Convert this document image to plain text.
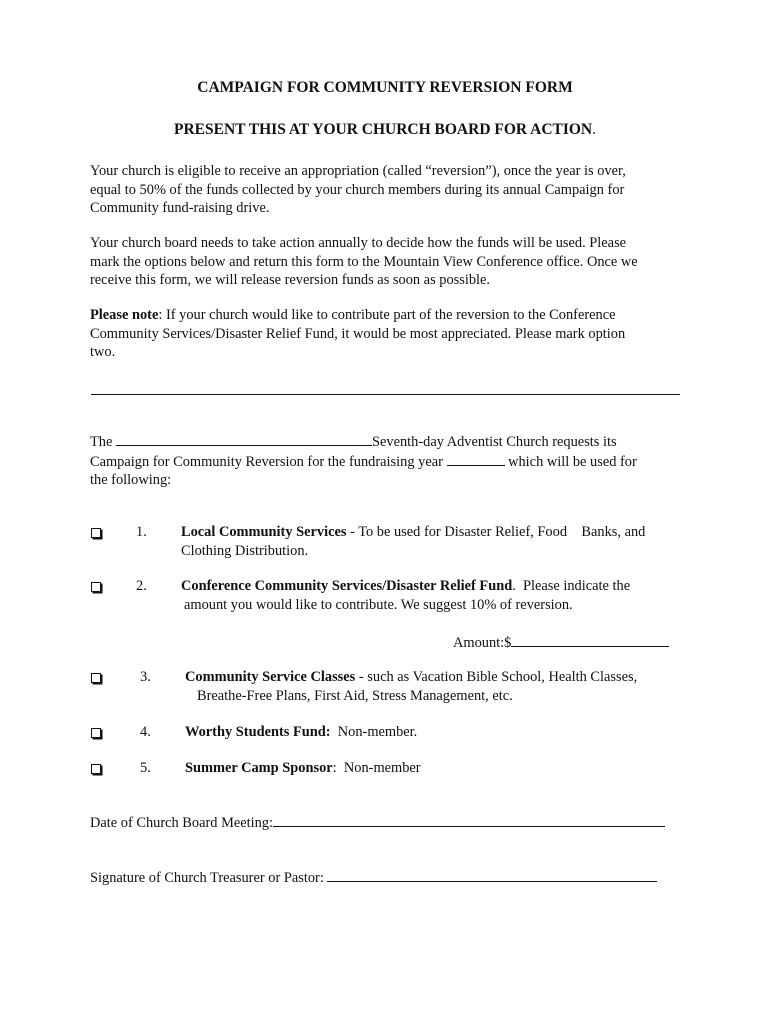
CAMPAIGN FOR COMMUNITY REVERSION FORM
PRESENT THIS AT YOUR CHURCH BOARD FOR ACTION.
Your church is eligible to receive an appropriation (called “reversion”), once the year is over,
equal to 50% of the funds collected by your church members during its annual Campaign for
Community fund-raising drive.
Your church board needs to take action annually to decide how the funds will be used. Please
mark the options below and return this form to the Mountain View Conference office. Once we
receive this form, we will release reversion funds as soon as possible.
Please note: If your church would like to contribute part of the reversion to the Conference
Community Services/Disaster Relief Fund, it would be most appreciated. Please mark option
two.
The	Seventh-day Adventist Church requests its
Campaign for Community Reversion for the fundraising year	which will be used for
the following:
1.	Local Community Services - To be used for Disaster Relief, Food    Banks, and
Clothing Distribution.
2.	Conference Community Services/Disaster Relief Fund.  Please indicate the
amount you would like to contribute. We suggest 10% of reversion.
Amount:$
3.	Community Service Classes - such as Vacation Bible School, Health Classes,
Breathe-Free Plans, First Aid, Stress Management, etc.
4.	Worthy Students Fund:  Non-member.
5.	Summer Camp Sponsor:  Non-member
Date of Church Board Meeting:
Signature of Church Treasurer or Pastor:
